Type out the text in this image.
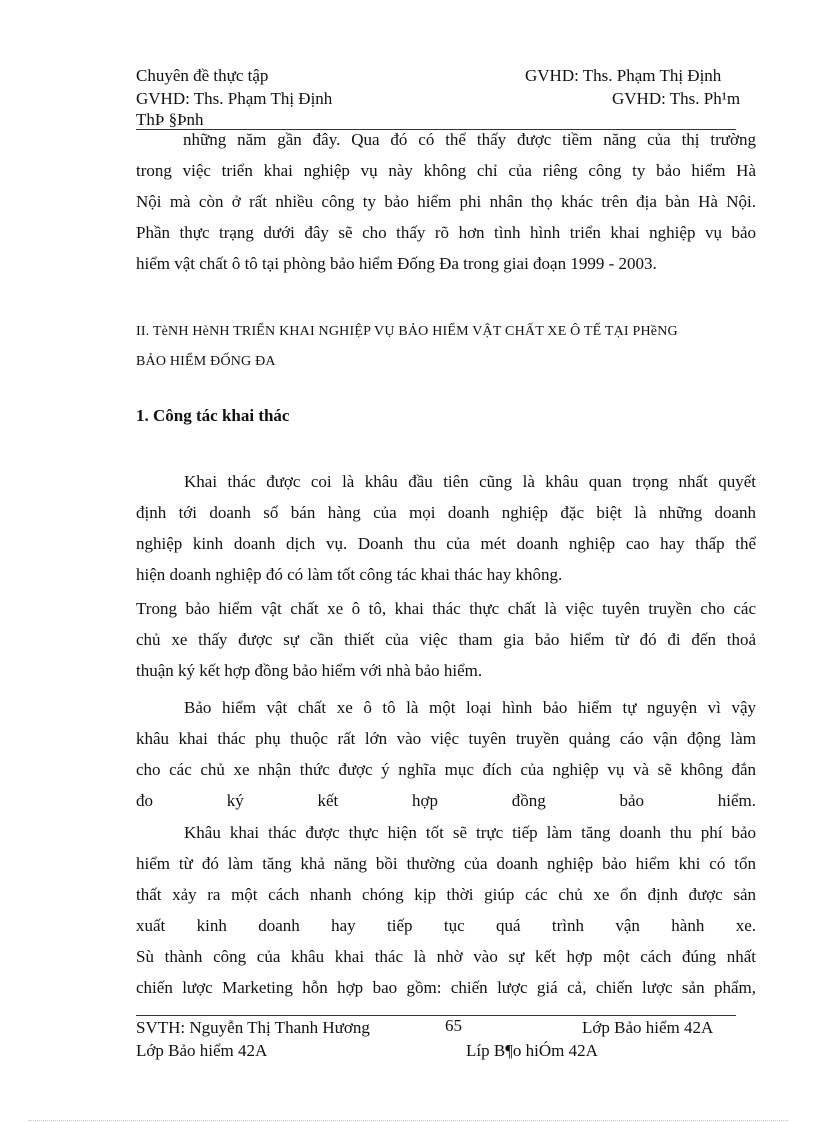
Chuyên đề thực tập	GVHD: Ths. Phạm Thị Định
GVHD: Ths. Phạm Thị Định	GVHD: Ths. Ph¹m
ThÞ §Þnh
những năm gần đây. Qua đó có thể thấy được tiềm năng của thị trường
trong việc triển khai nghiệp vụ này không chỉ của riêng công ty bảo hiểm Hà
Nội mà còn ở rất nhiều công ty bảo hiểm phi nhân thọ khác trên địa bàn Hà Nội.
Phần thực trạng dưới đây sẽ cho thấy rõ hơn tình hình triển khai nghiệp vụ bảo
hiểm vật chất ô tô tại phòng bảo hiểm Đống Đa trong giai đoạn 1999 - 2003.
II. TèNH HèNH TRIỂN KHAI NGHIỆP VỤ BẢO HIỂM VẬT CHẤT XE Ô TỂ TẠI PHềNG
BẢO HIỂM ĐỐNG ĐA
1. Công tác khai thác
Khai thác được coi là khâu đầu tiên cũng là khâu quan trọng nhất quyết
định tới doanh số bán hàng của mọi doanh nghiệp đặc biệt là những doanh
nghiệp kinh doanh dịch vụ. Doanh thu của mét doanh nghiệp cao hay thấp thể
hiện doanh nghiệp đó có làm tốt công tác khai thác hay không.
Trong bảo hiểm vật chất xe ô tô, khai thác thực chất là việc tuyên truyền cho các
chủ xe thấy được sự cần thiết của việc tham gia bảo hiểm từ đó đi đến thoả
thuận ký kết hợp đồng bảo hiểm với nhà bảo hiểm.
Bảo hiểm vật chất xe ô tô là một loại hình bảo hiểm tự nguyện vì vậy
khâu khai thác phụ thuộc rất lớn vào việc tuyên truyền quảng cáo vận động làm
cho các chủ xe nhận thức được ý nghĩa mục đích của nghiệp vụ và sẽ không đắn
đo ký kết hợp đồng bảo hiểm.
Khâu khai thác được thực hiện tốt sẽ trực tiếp làm tăng doanh thu phí bảo
hiểm từ đó làm tăng khả năng bồi thường của doanh nghiệp bảo hiểm khi có tổn
thất xảy ra một cách nhanh chóng kịp thời giúp các chủ xe ổn định được sản
xuất kinh doanh hay tiếp tục quá trình vận hành xe.
Sù thành công của khâu khai thác là nhờ vào sự kết hợp một cách đúng nhất
chiến lược Marketing hỗn hợp bao gồm: chiến lược giá cả, chiến lược sản phẩm,
SVTH: Nguyễn Thị Thanh Hương	65	Lớp Bảo hiểm 42A
Lớp Bảo hiểm 42A	Líp B¶o hiÓm 42A
